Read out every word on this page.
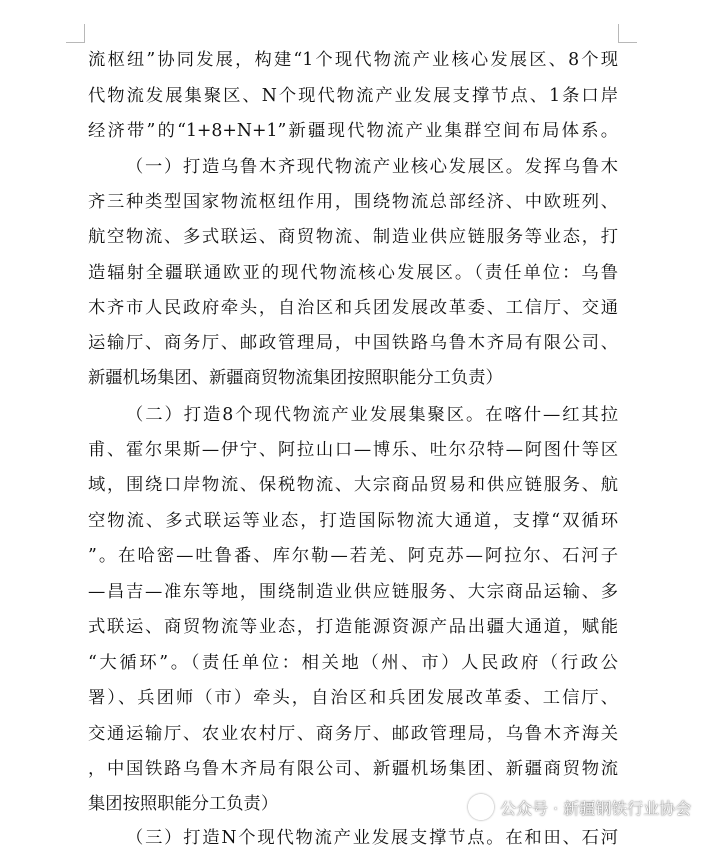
流枢纽”协同发展，构建“1个现代物流产业核心发展区、8个现
代物流发展集聚区、N个现代物流产业发展支撑节点、1条口岸
经济带”的“1+8+N+1”新疆现代物流产业集群空间布局体系。
（一）打造乌鲁木齐现代物流产业核心发展区。发挥乌鲁木
齐三种类型国家物流枢纽作用，围绕物流总部经济、中欧班列、
航空物流、多式联运、商贸物流、制造业供应链服务等业态，打
造辐射全疆联通欧亚的现代物流核心发展区。（责任单位：乌鲁
木齐市人民政府牵头，自治区和兵团发展改革委、工信厅、交通
运输厅、商务厅、邮政管理局，中国铁路乌鲁木齐局有限公司、
新疆机场集团、新疆商贸物流集团按照职能分工负责）
（二）打造8个现代物流产业发展集聚区。在喀什—红其拉
甫、霍尔果斯—伊宁、阿拉山口—博乐、吐尔尕特—阿图什等区
域，围绕口岸物流、保税物流、大宗商品贸易和供应链服务、航
空物流、多式联运等业态，打造国际物流大通道，支撑“双循环
”。在哈密—吐鲁番、库尔勒—若羌、阿克苏—阿拉尔、石河子
—昌吉—准东等地，围绕制造业供应链服务、大宗商品运输、多
式联运、商贸物流等业态，打造能源资源产品出疆大通道，赋能
“大循环”。（责任单位：相关地（州、市）人民政府（行政公
署）、兵团师（市）牵头，自治区和兵团发展改革委、工信厅、
交通运输厅、农业农村厅、商务厅、邮政管理局，乌鲁木齐海关
，中国铁路乌鲁木齐局有限公司、新疆机场集团、新疆商贸物流
集团按照职能分工负责）
（三）打造N个现代物流产业发展支撑节点。在和田、石河
公众号 · 新疆钢铁行业协会
